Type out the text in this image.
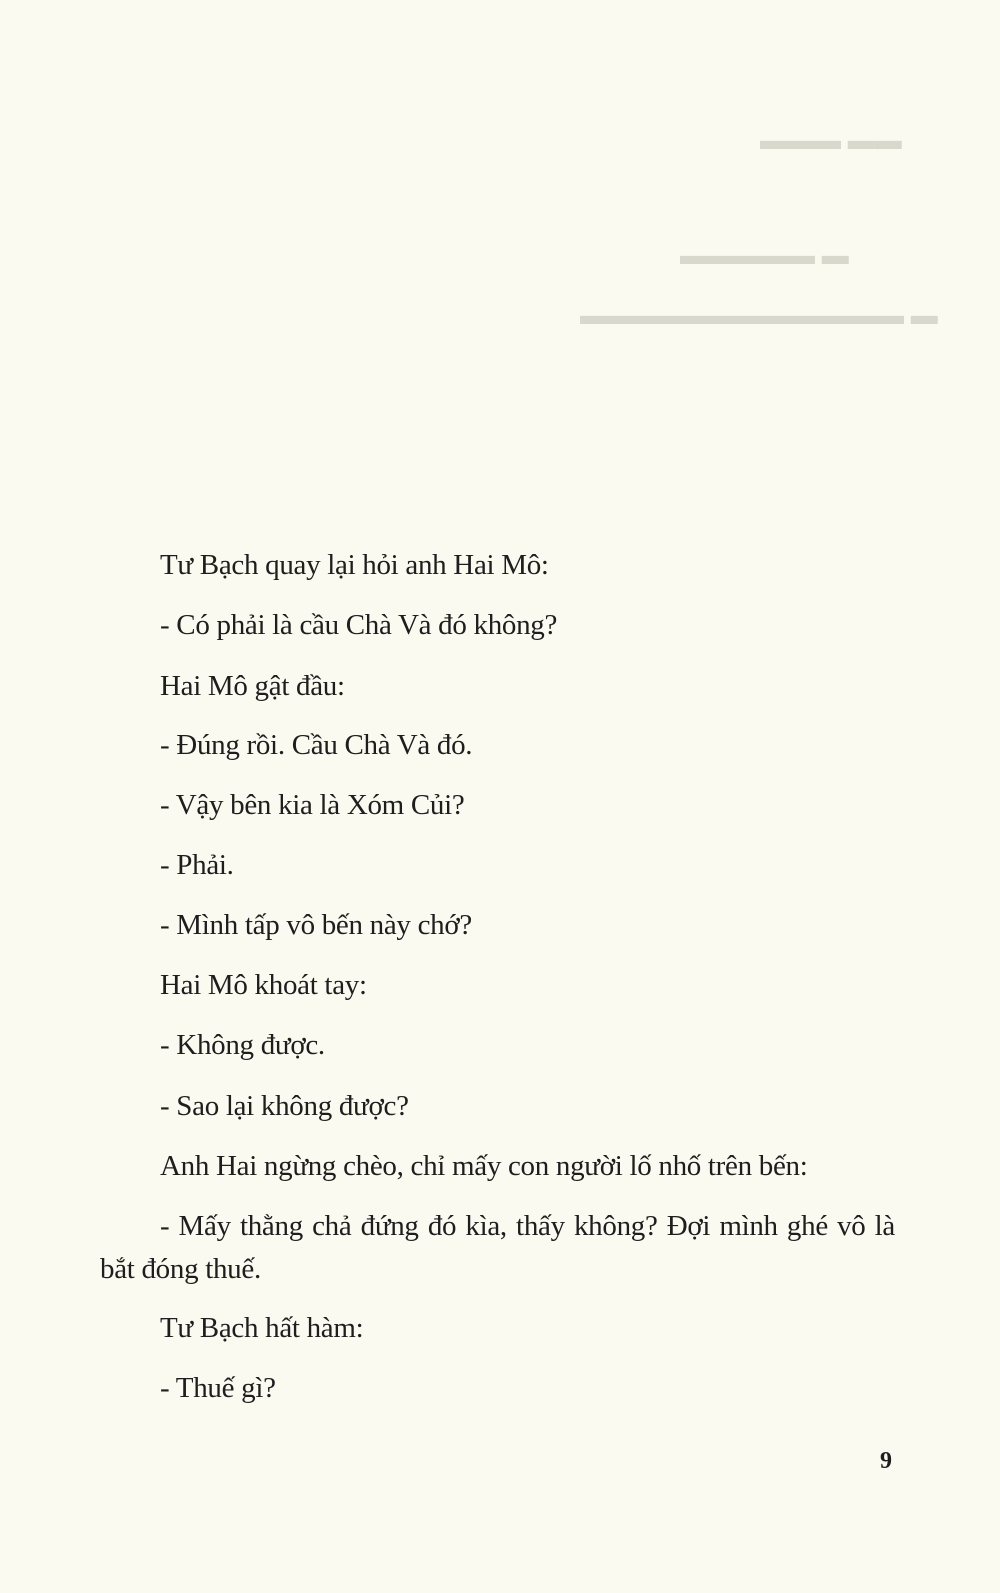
▬▬▬ ▬▬
▬▬▬▬▬ ▬
▬▬▬▬▬▬▬▬▬▬▬▬ ▬
Tư Bạch quay lại hỏi anh Hai Mô:
- Có phải là cầu Chà Và đó không?
Hai Mô gật đầu:
- Đúng rồi. Cầu Chà Và đó.
- Vậy bên kia là Xóm Củi?
- Phải.
- Mình tấp vô bến này chớ?
Hai Mô khoát tay:
- Không được.
- Sao lại không được?
Anh Hai ngừng chèo, chỉ mấy con người lố nhố trên bến:
- Mấy thằng chả đứng đó kìa, thấy không? Đợi mình ghé vô là bắt đóng thuế.
Tư Bạch hất hàm:
- Thuế gì?
9
